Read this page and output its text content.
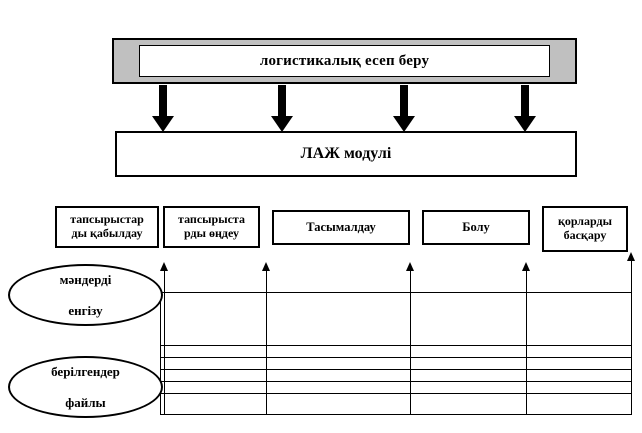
логистикалық есеп беру
ЛАЖ модулі
тапсырыстар
ды қабылдау
тапсырыста
рды өңдеу	Тасымалдау	Болу	қорларды
басқару
мәндерді

енгізу
берілгендер

файлы
